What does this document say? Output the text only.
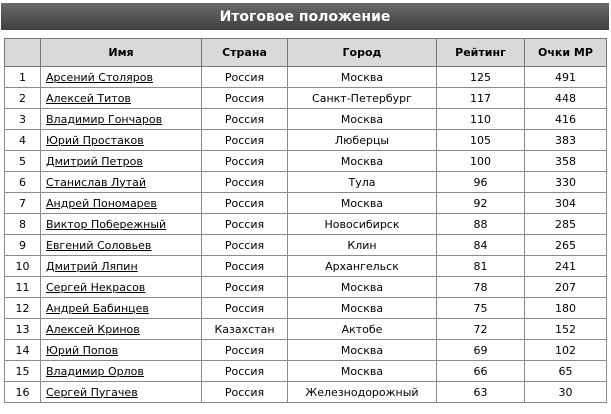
Итоговое положение
	Имя	Страна	Город	Рейтинг	Очки МР
1	Арсений Столяров	Россия	Москва	125	491
2	Алексей Титов	Россия	Санкт-Петербург	117	448
3	Владимир Гончаров	Россия	Москва	110	416
4	Юрий Простаков	Россия	Люберцы	105	383
5	Дмитрий Петров	Россия	Москва	100	358
6	Станислав Лутай	Россия	Тула	96	330
7	Андрей Пономарев	Россия	Москва	92	304
8	Виктор Побережный	Россия	Новосибирск	88	285
9	Евгений Соловьев	Россия	Клин	84	265
10	Дмитрий Ляпин	Россия	Архангельск	81	241
11	Сергей Некрасов	Россия	Москва	78	207
12	Андрей Бабинцев	Россия	Москва	75	180
13	Алексей Кринов	Казахстан	Актобе	72	152
14	Юрий Попов	Россия	Москва	69	102
15	Владимир Орлов	Россия	Москва	66	65
16	Сергей Пугачев	Россия	Железнодорожный	63	30
